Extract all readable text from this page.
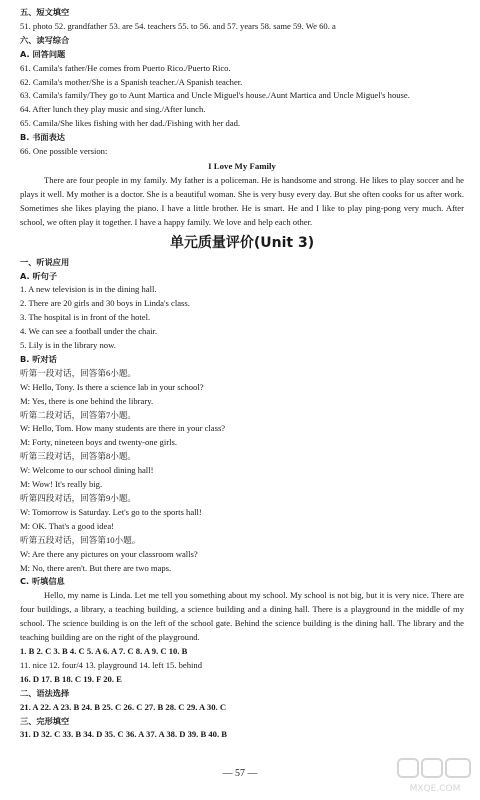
五、短文填空
51. photo 52. grandfather 53. are 54. teachers 55. to 56. and 57. years 58. same 59. We 60. a
六、读写综合
A. 回答问题
61. Camila's father/He comes from Puerto Rico./Puerto Rico.
62. Camila's mother/She is a Spanish teacher./A Spanish teacher.
63. Camila's family/They go to Aunt Martica and Uncle Miguel's house./Aunt Martica and Uncle Miguel's house.
64. After lunch they play music and sing./After lunch.
65. Camila/She likes fishing with her dad./Fishing with her dad.
B. 书面表达
66. One possible version:
I Love My Family
There are four people in my family. My father is a policeman. He is handsome and strong. He likes to play soccer and he plays it well. My mother is a doctor. She is a beautiful woman. She is very busy every day. But she often cooks for us after work. Sometimes she likes playing the piano. I have a little brother. He is smart. He and I like to play ping-pong very much. After school, we often play it together. I have a happy family. We love and help each other.
单元质量评价(Unit 3)
一、听说应用
A. 听句子
1. A new television is in the dining hall.
2. There are 20 girls and 30 boys in Linda's class.
3. The hospital is in front of the hotel.
4. We can see a football under the chair.
5. Lily is in the library now.
B. 听对话
听第一段对话，回答第6小题。
W: Hello, Tony. Is there a science lab in your school?
M: Yes, there is one behind the library.
听第二段对话，回答第7小题。
W: Hello, Tom. How many students are there in your class?
M: Forty, nineteen boys and twenty-one girls.
听第三段对话，回答第8小题。
W: Welcome to our school dining hall!
M: Wow! It's really big.
听第四段对话，回答第9小题。
W: Tomorrow is Saturday. Let's go to the sports hall!
M: OK. That's a good idea!
听第五段对话，回答第10小题。
W: Are there any pictures on your classroom walls?
M: No, there aren't. But there are two maps.
C. 听填信息
Hello, my name is Linda. Let me tell you something about my school. My school is not big, but it is very nice. There are four buildings, a library, a teaching building, a science building and a dining hall. There is a playground in the middle of my school. The science building is on the left of the school gate. Behind the science building is the dining hall. The library and the teaching building are on the right of the playground.
1. B 2. C 3. B 4. C 5. A 6. A 7. C 8. A 9. C 10. B
11. nice 12. four/4 13. playground 14. left 15. behind
16. D 17. B 18. C 19. F 20. E
二、语法选择
21. A 22. A 23. B 24. B 25. C 26. C 27. B 28. C 29. A 30. C
三、完形填空
31. D 32. C 33. B 34. D 35. C 36. A 37. A 38. D 39. B 40. B
— 57 —
MXQE.COM
